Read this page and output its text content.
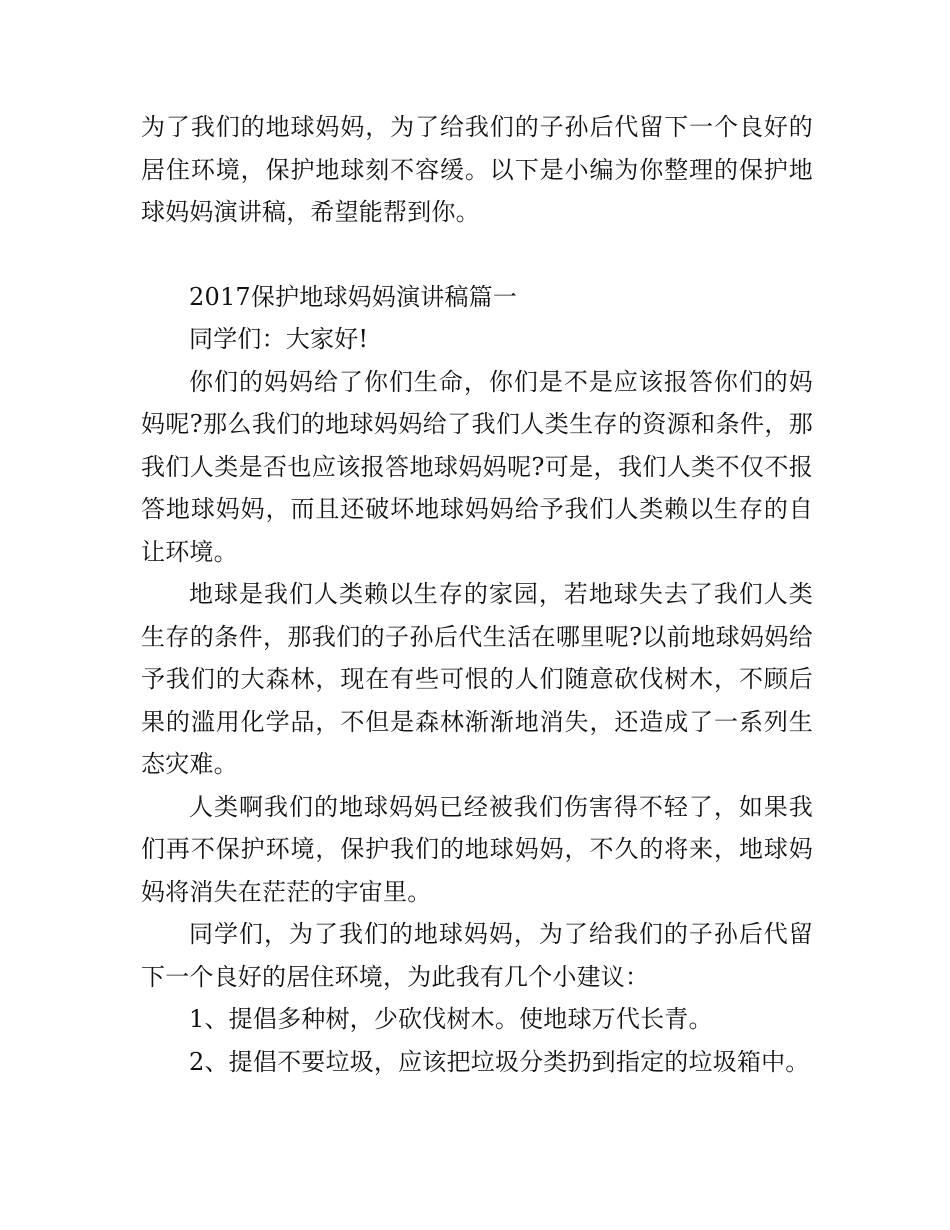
为了我们的地球妈妈，为了给我们的子孙后代留下一个良好的居住环境，保护地球刻不容缓。以下是小编为你整理的保护地球妈妈演讲稿，希望能帮到你。

2017保护地球妈妈演讲稿篇一

同学们：大家好!

你们的妈妈给了你们生命，你们是不是应该报答你们的妈妈呢?那么我们的地球妈妈给了我们人类生存的资源和条件，那我们人类是否也应该报答地球妈妈呢?可是，我们人类不仅不报答地球妈妈，而且还破坏地球妈妈给予我们人类赖以生存的自让环境。

地球是我们人类赖以生存的家园，若地球失去了我们人类生存的条件，那我们的子孙后代生活在哪里呢?以前地球妈妈给予我们的大森林，现在有些可恨的人们随意砍伐树木，不顾后果的滥用化学品，不但是森林渐渐地消失，还造成了一系列生态灾难。

人类啊我们的地球妈妈已经被我们伤害得不轻了，如果我们再不保护环境，保护我们的地球妈妈，不久的将来，地球妈妈将消失在茫茫的宇宙里。

同学们，为了我们的地球妈妈，为了给我们的子孙后代留下一个良好的居住环境，为此我有几个小建议：

1、提倡多种树，少砍伐树木。使地球万代长青。

2、提倡不要垃圾，应该把垃圾分类扔到指定的垃圾箱中。
